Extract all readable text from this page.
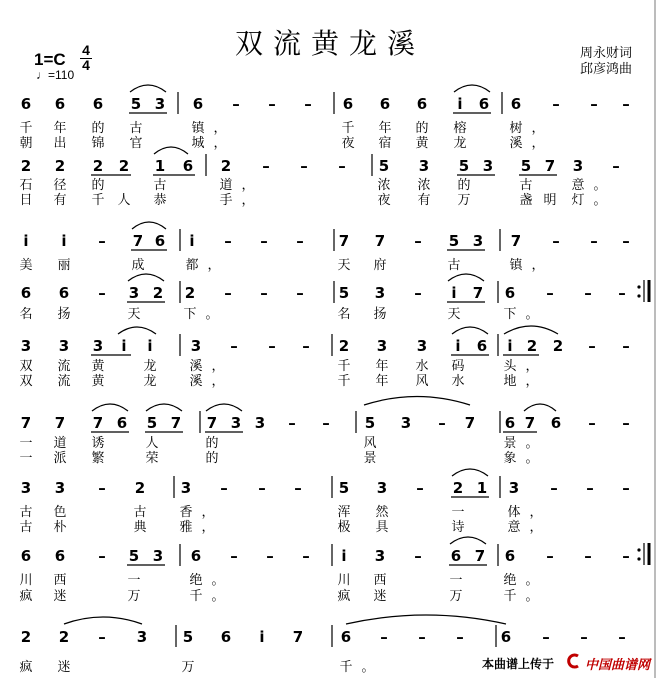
双流黄龙溪	周永财词
邱彦鸿曲
1=C 4
4
♩=110
6 6 6 5 3 6 – – – 6 6 6 i 6 6 – – –
千 年 的 古	镇 ，	千 年 的 榕	树 ，
朝 出 锦 官	城 ，	夜 宿 黄 龙	溪 ，
2 2 2 2 1 6 2 – – – 5 3 5 3 5 7 3 –
石 径 的	古	道 ，	浓 浓 的	古	意 。
日 有 千 人 恭	手 ，	夜 有 万	盏 明 灯 。
i i – 7 6 i – – – 7 7 – 5 3 7 – – –
美 丽	成	都 ，	天 府	古	镇 ，
6 6 – 3 2 2 – – – 5 3 – i 7 6 – – –
名 扬	天	下 。	名 扬	天	下 。
3 3 3 i i	3 – – – 2 3 3 i 6 i 2 2 – –
双 流 黄	龙	溪 ，	千 年 水 码	头 ，
双 流 黄	龙	溪 ，	千 年 风 水	地 ，
7 7 7 6 5 7 7 3 3 – – 5 3 – 7 6 7 6 – –
一 道 诱	人	的	风	景 。
一 派 繁	荣	的	景	象 。
3 3 – 2 3 – – – 5 3 – 2 1 3 – – –
古 色	古	香 ，	浑 然	一	体 ，
古 朴	典	雅 ，	极 具	诗	意 ，
6 6 – 5 3 6 – – – i 3 – 6 7 6 – – –
川 西	一	绝 。	川 西	一	绝 。
疯 迷	万	千 。	疯 迷	万	千 。
2 2 – 3 5 6 i 7	6 – – – 6 – – –
疯 迷	万	千 。	本曲谱上传于 中国曲谱网
